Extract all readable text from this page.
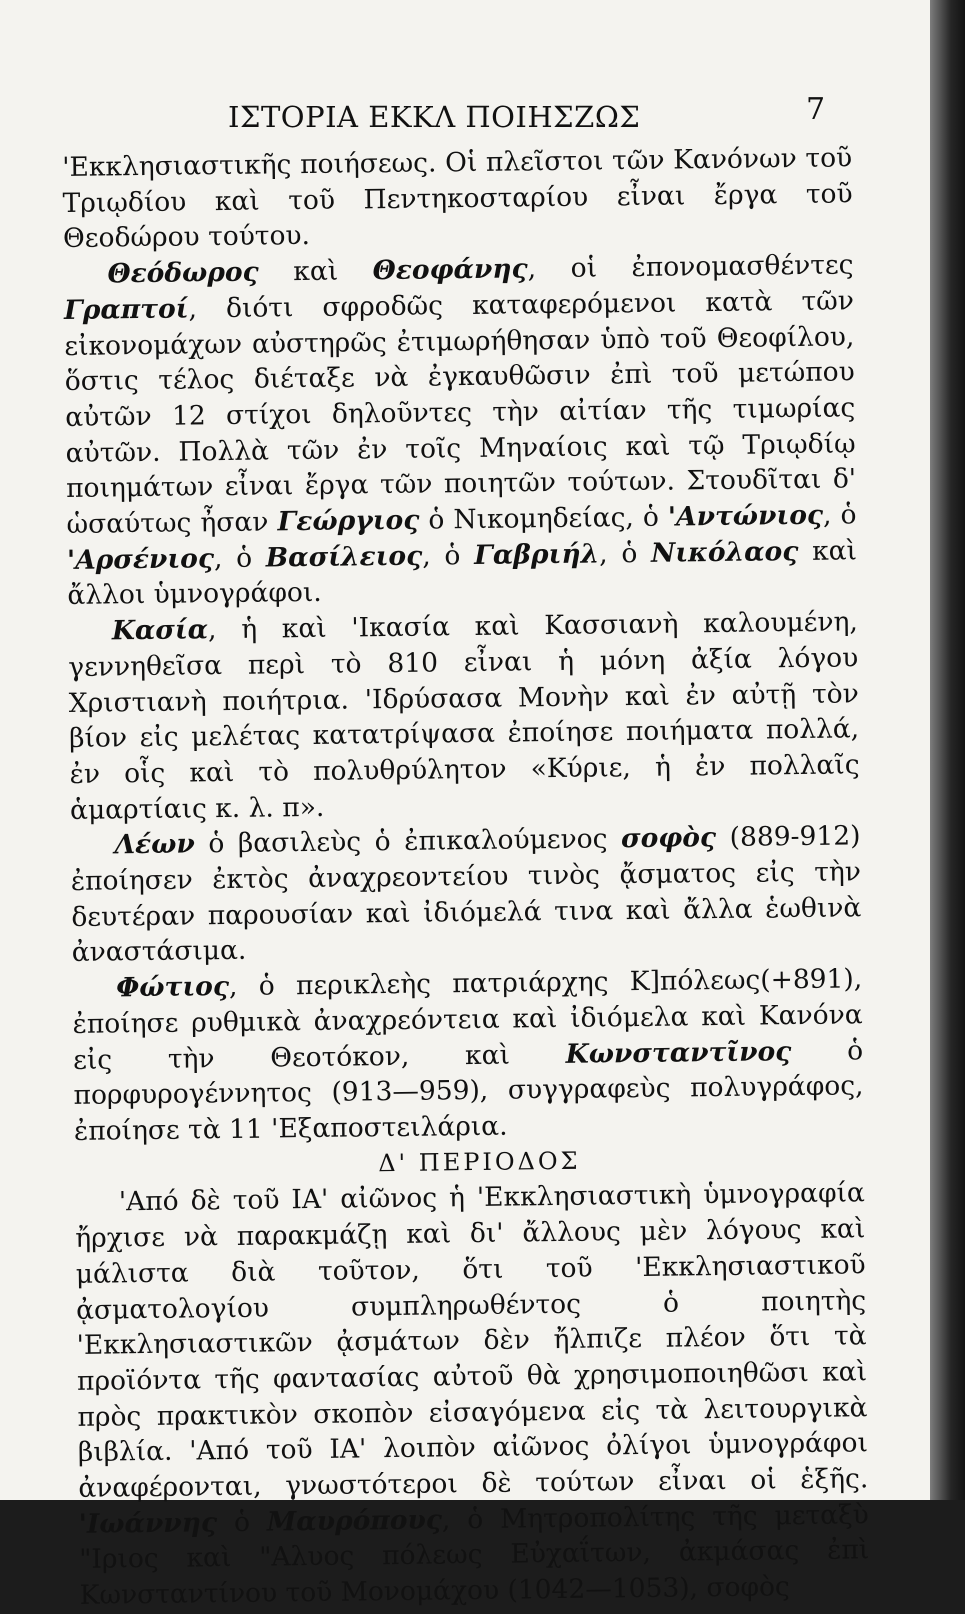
ΙΣΤΟΡΙΑ ΕΚΚΛ ΠΟΙΗΣΖΩΣ	7

'Εκκλησιαστικῆς ποιήσεως. Οἱ πλεῖστοι τῶν Κανόνων τοῦ Τριῳδίου καὶ τοῦ Πεντηκοσταρίου εἶναι ἔργα τοῦ Θεοδώρου τούτου.

Θεόδωρος καὶ Θεοφάνης, οἱ ἐπονομασθέντες Γραπτοί, διότι σφροδῶς καταφερόμενοι κατὰ τῶν εἰκονομάχων αὐστηρῶς ἐτιμωρήθησαν ὑπὸ τοῦ Θεοφίλου, ὅστις τέλος διέταξε νὰ ἐγκαυθῶσιν ἐπὶ τοῦ μετώπου αὐτῶν 12 στίχοι δηλοῦντες τὴν αἰτίαν τῆς τιμωρίας αὐτῶν. Πολλὰ τῶν ἐν τοῖς Μηναίοις καὶ τῷ Τριῳδίῳ ποιημάτων εἶναι ἔργα τῶν ποιητῶν τούτων. Στουδῖται δ' ὡσαύτως ἦσαν Γεώργιος ὁ Νικομηδείας, ὁ 'Αντώνιος, ὁ 'Αρσένιος, ὁ Βασίλειος, ὁ Γαβριήλ, ὁ Νικόλαος καὶ ἄλλοι ὑμνογράφοι.

Κασία, ἡ καὶ 'Ικασία καὶ Κασσιανὴ καλουμένη, γεννηθεῖσα περὶ τὸ 810 εἶναι ἡ μόνη ἀξία λόγου Χριστιανὴ ποιήτρια. 'Ιδρύσασα Μονὴν καὶ ἐν αὐτῇ τὸν βίον εἰς μελέτας κατατρίψασα ἐποίησε ποιήματα πολλά, ἐν οἷς καὶ τὸ πολυθρύλητον «Κύριε, ἡ ἐν πολλαῖς ἁμαρτίαις κ. λ. π».

Λέων ὁ βασιλεὺς ὁ ἐπικαλούμενος σοφὸς (889-912) ἐποίησεν ἐκτὸς ἀναχρεοντείου τινὸς ᾄσματος εἰς τὴν δευτέραν παρουσίαν καὶ ἰδιόμελά τινα καὶ ἄλλα ἑωθινὰ ἀναστάσιμα.

Φώτιος, ὁ περικλεὴς πατριάρχης Κ]πόλεως(+891), ἐποίησε ρυθμικὰ ἀναχρεόντεια καὶ ἰδιόμελα καὶ Κανόνα εἰς τὴν Θεοτόκον, καὶ Κωνσταντῖνος ὁ πορφυρογέννητος (913—959), συγγραφεὺς πολυγράφος, ἐποίησε τὰ 11 'Εξαποστειλάρια.

Δ' ΠΕΡΙΟΔΟΣ

'Από δὲ τοῦ ΙΑ' αἰῶνος ἡ 'Εκκλησιαστικὴ ὑμνογραφία ἤρχισε νὰ παρακμάζῃ καὶ δι' ἄλλους μὲν λόγους καὶ μάλιστα διὰ τοῦτον, ὅτι τοῦ 'Εκκλησιαστικοῦ ᾀσματολογίου συμπληρωθέντος ὁ ποιητὴς 'Εκκλησιαστικῶν ᾀσμάτων δὲν ἤλπιζε πλέον ὅτι τὰ προϊόντα τῆς φαντασίας αὐτοῦ θὰ χρησιμοποιηθῶσι καὶ πρὸς πρακτικὸν σκοπὸν εἰσαγόμενα εἰς τὰ λειτουργικὰ βιβλία. 'Από τοῦ ΙΑ' λοιπὸν αἰῶνος ὀλίγοι ὑμνογράφοι ἀναφέρονται, γνωστότεροι δὲ τούτων εἶναι οἱ ἑξῆς. 'Ιωάννης ὁ Μαυρόπους, ὁ Μητροπολίτης τῆς μεταξὺ "Ιριος καὶ "Αλυος πόλεως Εὐχαΐτων, ἀκμάσας ἐπὶ Κωνσταντίνου τοῦ Μονομάχου (1042—1053), σοφὸς
